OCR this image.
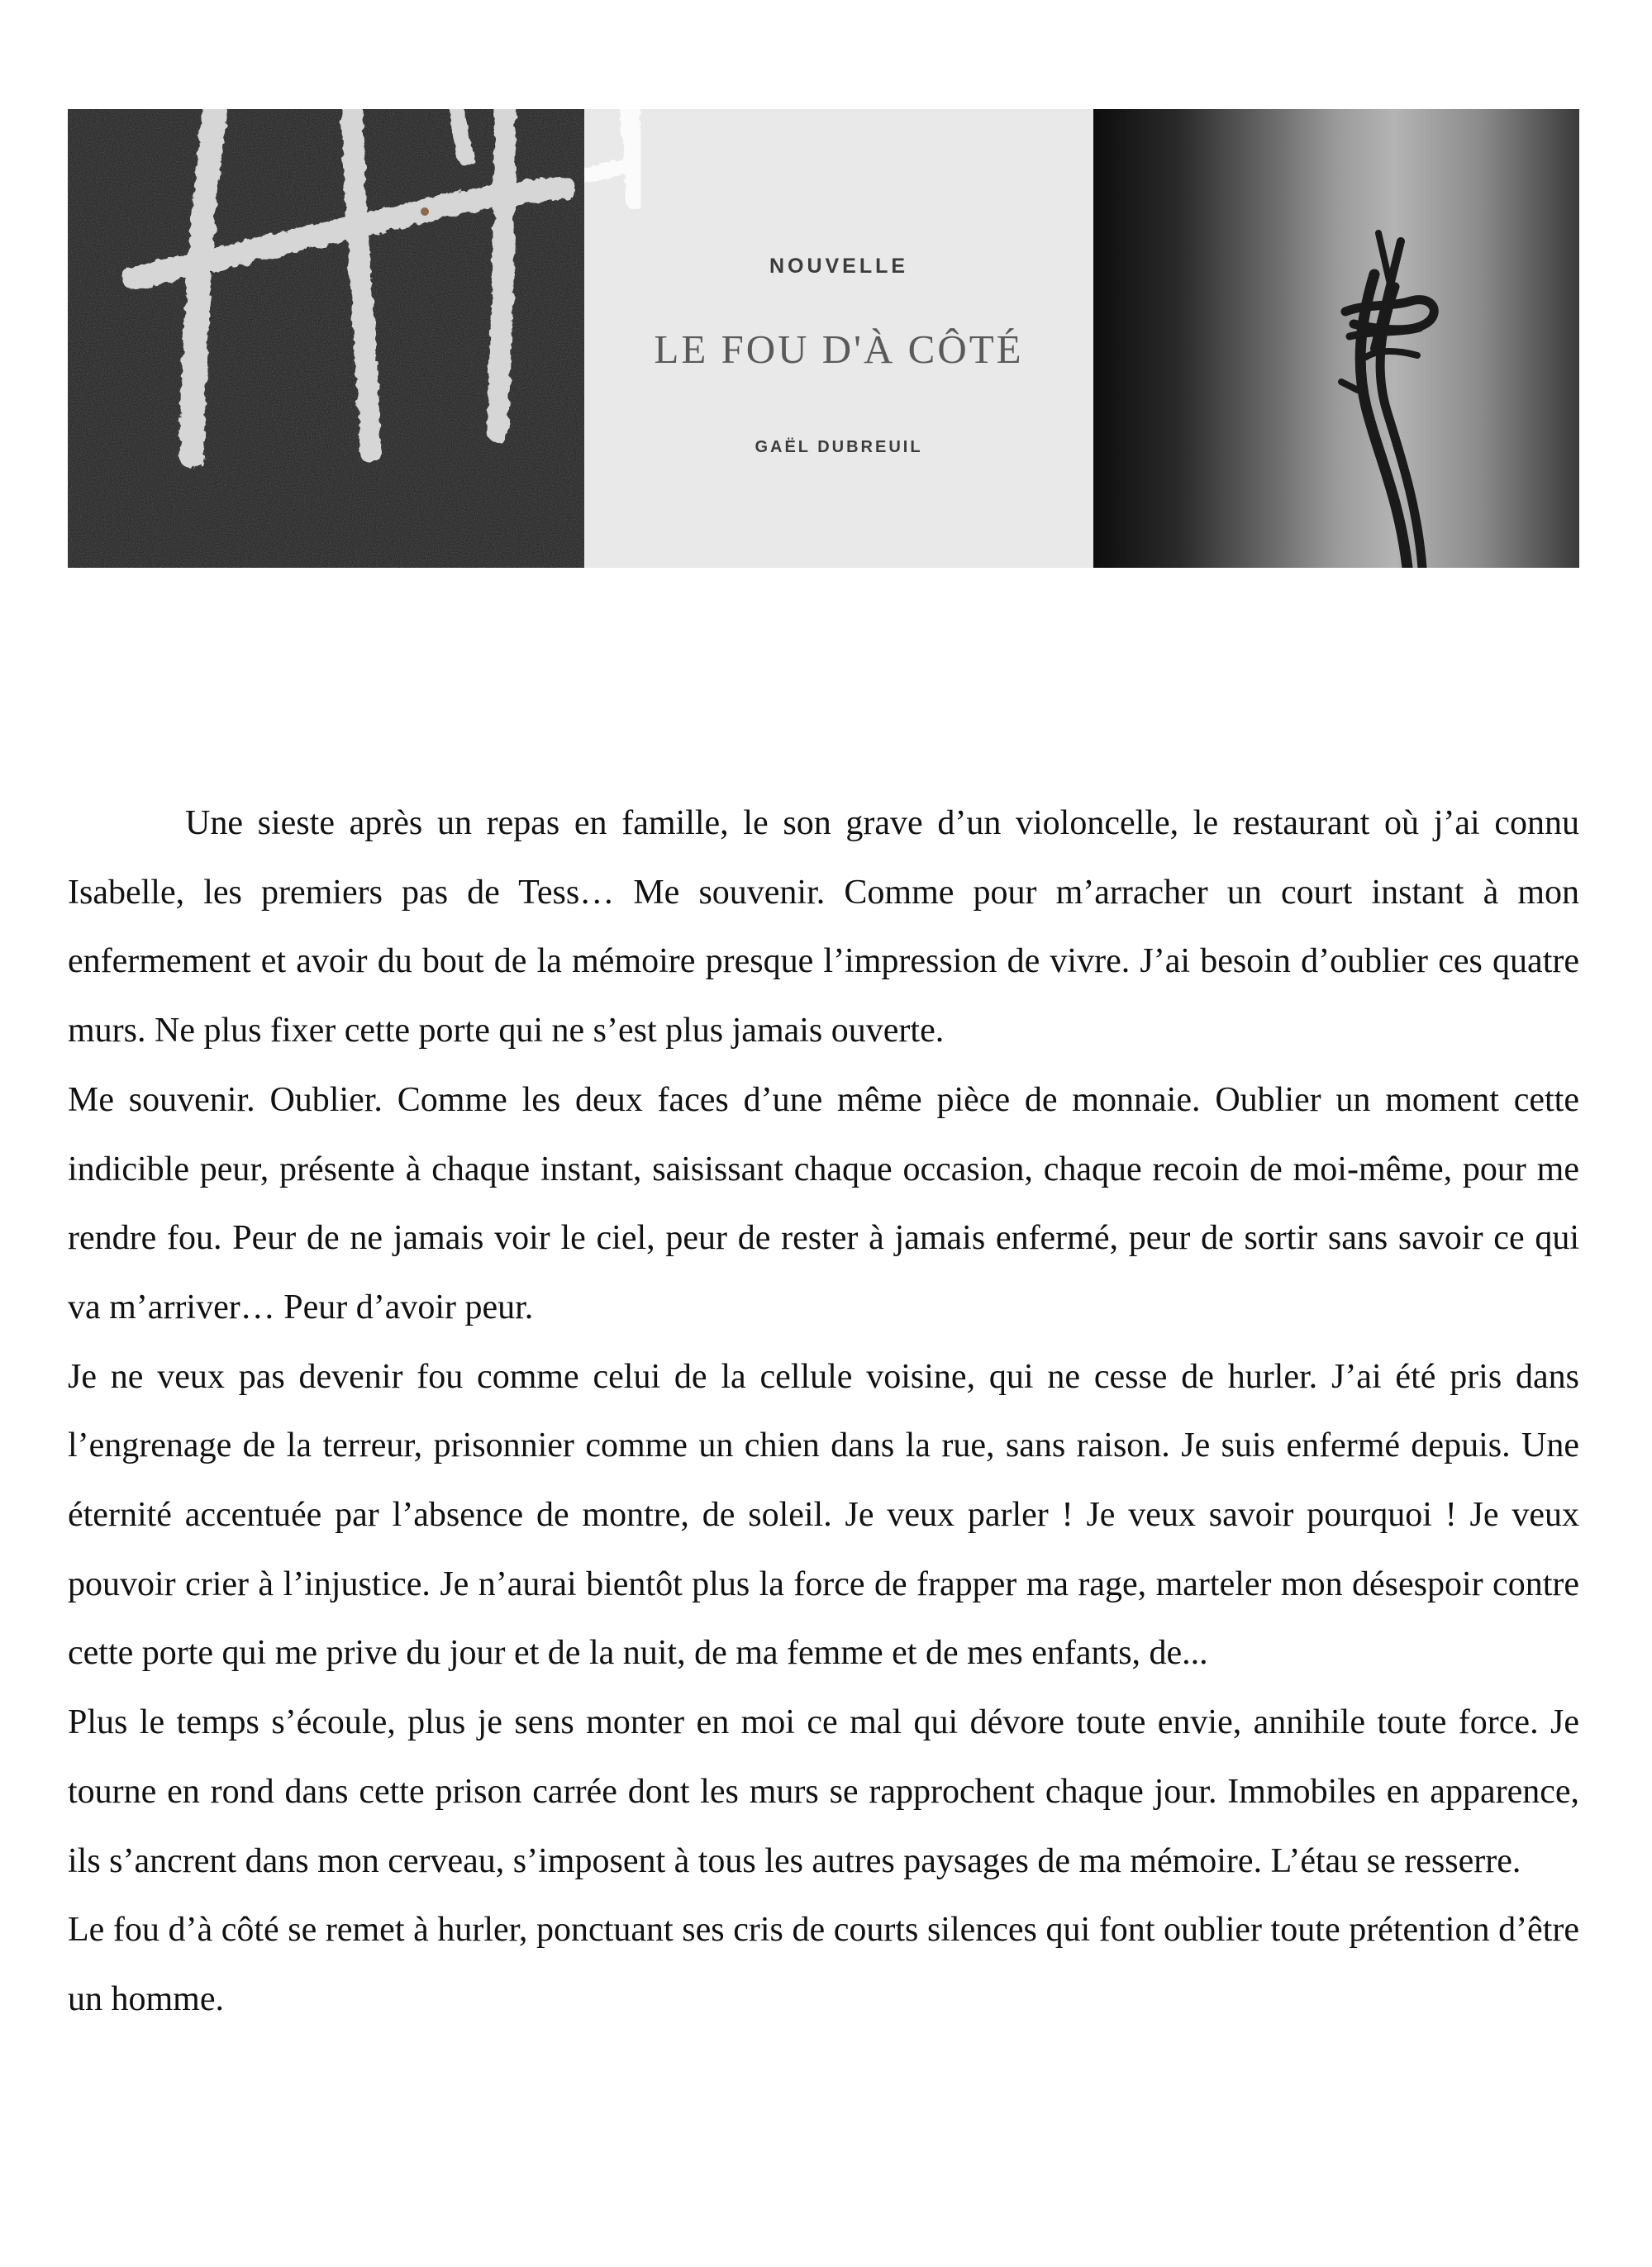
NOUVELLE
LE FOU D'À CÔTÉ
GAËL DUBREUIL

Une sieste après un repas en famille, le son grave d’un violoncelle, le restaurant où j’ai connu Isabelle, les premiers pas de Tess… Me souvenir. Comme pour m’arracher un court instant à mon enfermement et avoir du bout de la mémoire presque l’impression de vivre. J’ai besoin d’oublier ces quatre murs. Ne plus fixer cette porte qui ne s’est plus jamais ouverte.

Me souvenir. Oublier. Comme les deux faces d’une même pièce de monnaie. Oublier un moment cette indicible peur, présente à chaque instant, saisissant chaque occasion, chaque recoin de moi-même, pour me rendre fou. Peur de ne jamais voir le ciel, peur de rester à jamais enfermé, peur de sortir sans savoir ce qui va m’arriver… Peur d’avoir peur.

Je ne veux pas devenir fou comme celui de la cellule voisine, qui ne cesse de hurler. J’ai été pris dans l’engrenage de la terreur, prisonnier comme un chien dans la rue, sans raison. Je suis enfermé depuis. Une éternité accentuée par l’absence de montre, de soleil. Je veux parler ! Je veux savoir pourquoi ! Je veux pouvoir crier à l’injustice. Je n’aurai bientôt plus la force de frapper ma rage, marteler mon désespoir contre cette porte qui me prive du jour et de la nuit, de ma femme et de mes enfants, de...

Plus le temps s’écoule, plus je sens monter en moi ce mal qui dévore toute envie, annihile toute force. Je tourne en rond dans cette prison carrée dont les murs se rapprochent chaque jour. Immobiles en apparence, ils s’ancrent dans mon cerveau, s’imposent à tous les autres paysages de ma mémoire. L’étau se resserre.

Le fou d’à côté se remet à hurler, ponctuant ses cris de courts silences qui font oublier toute prétention d’être un homme.
